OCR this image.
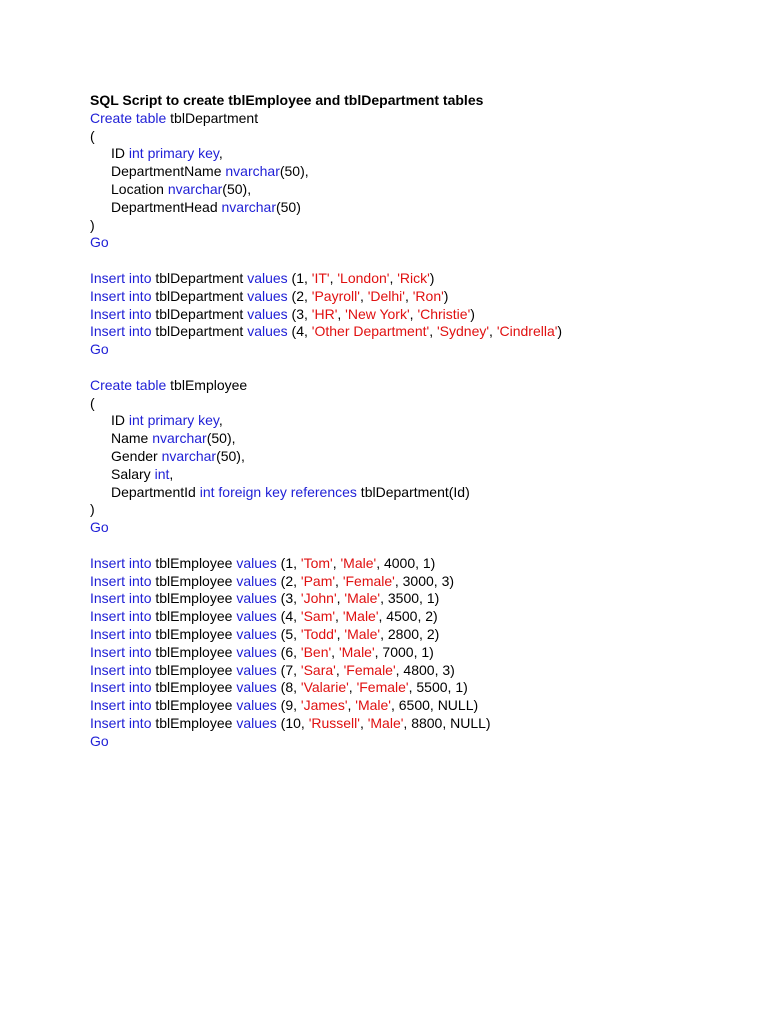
SQL Script to create tblEmployee and tblDepartment tables
Create table tblDepartment
(
ID int primary key,
DepartmentName nvarchar(50),
Location nvarchar(50),
DepartmentHead nvarchar(50)
)
Go

Insert into tblDepartment values (1, 'IT', 'London', 'Rick')
Insert into tblDepartment values (2, 'Payroll', 'Delhi', 'Ron')
Insert into tblDepartment values (3, 'HR', 'New York', 'Christie')
Insert into tblDepartment values (4, 'Other Department', 'Sydney', 'Cindrella')
Go

Create table tblEmployee
(
ID int primary key,
Name nvarchar(50),
Gender nvarchar(50),
Salary int,
DepartmentId int foreign key references tblDepartment(Id)
)
Go

Insert into tblEmployee values (1, 'Tom', 'Male', 4000, 1)
Insert into tblEmployee values (2, 'Pam', 'Female', 3000, 3)
Insert into tblEmployee values (3, 'John', 'Male', 3500, 1)
Insert into tblEmployee values (4, 'Sam', 'Male', 4500, 2)
Insert into tblEmployee values (5, 'Todd', 'Male', 2800, 2)
Insert into tblEmployee values (6, 'Ben', 'Male', 7000, 1)
Insert into tblEmployee values (7, 'Sara', 'Female', 4800, 3)
Insert into tblEmployee values (8, 'Valarie', 'Female', 5500, 1)
Insert into tblEmployee values (9, 'James', 'Male', 6500, NULL)
Insert into tblEmployee values (10, 'Russell', 'Male', 8800, NULL)
Go
